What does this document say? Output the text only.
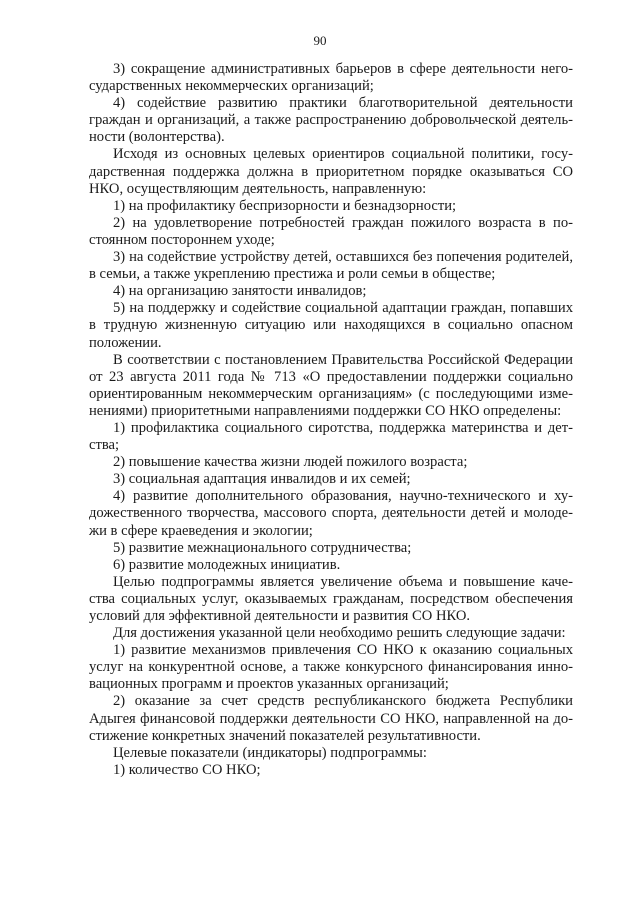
90

3) сокращение административных барьеров в сфере деятельности негосударственных некоммерческих организаций;

4) содействие развитию практики благотворительной деятельности граждан и организаций, а также распространению добровольческой деятельности (волонтерства).

Исходя из основных целевых ориентиров социальной политики, государственная поддержка должна в приоритетном порядке оказываться СО НКО, осуществляющим деятельность, направленную:

1) на профилактику беспризорности и безнадзорности;

2) на удовлетворение потребностей граждан пожилого возраста в постоянном постороннем уходе;

3) на содействие устройству детей, оставшихся без попечения родителей, в семьи, а также укреплению престижа и роли семьи в обществе;

4) на организацию занятости инвалидов;

5) на поддержку и содействие социальной адаптации граждан, попавших в трудную жизненную ситуацию или находящихся в социально опасном положении.

В соответствии с постановлением Правительства Российской Федерации от 23 августа 2011 года № 713 «О предоставлении поддержки социально ориентированным некоммерческим организациям» (с последующими изменениями) приоритетными направлениями поддержки СО НКО определены:

1) профилактика социального сиротства, поддержка материнства и детства;

2) повышение качества жизни людей пожилого возраста;

3) социальная адаптация инвалидов и их семей;

4) развитие дополнительного образования, научно-технического и художественного творчества, массового спорта, деятельности детей и молодежи в сфере краеведения и экологии;

5) развитие межнационального сотрудничества;

6) развитие молодежных инициатив.

Целью подпрограммы является увеличение объема и повышение качества социальных услуг, оказываемых гражданам, посредством обеспечения условий для эффективной деятельности и развития СО НКО.

Для достижения указанной цели необходимо решить следующие задачи:

1) развитие механизмов привлечения СО НКО к оказанию социальных услуг на конкурентной основе, а также конкурсного финансирования инновационных программ и проектов указанных организаций;

2) оказание за счет средств республиканского бюджета Республики Адыгея финансовой поддержки деятельности СО НКО, направленной на достижение конкретных значений показателей результативности.

Целевые показатели (индикаторы) подпрограммы:

1) количество СО НКО;
